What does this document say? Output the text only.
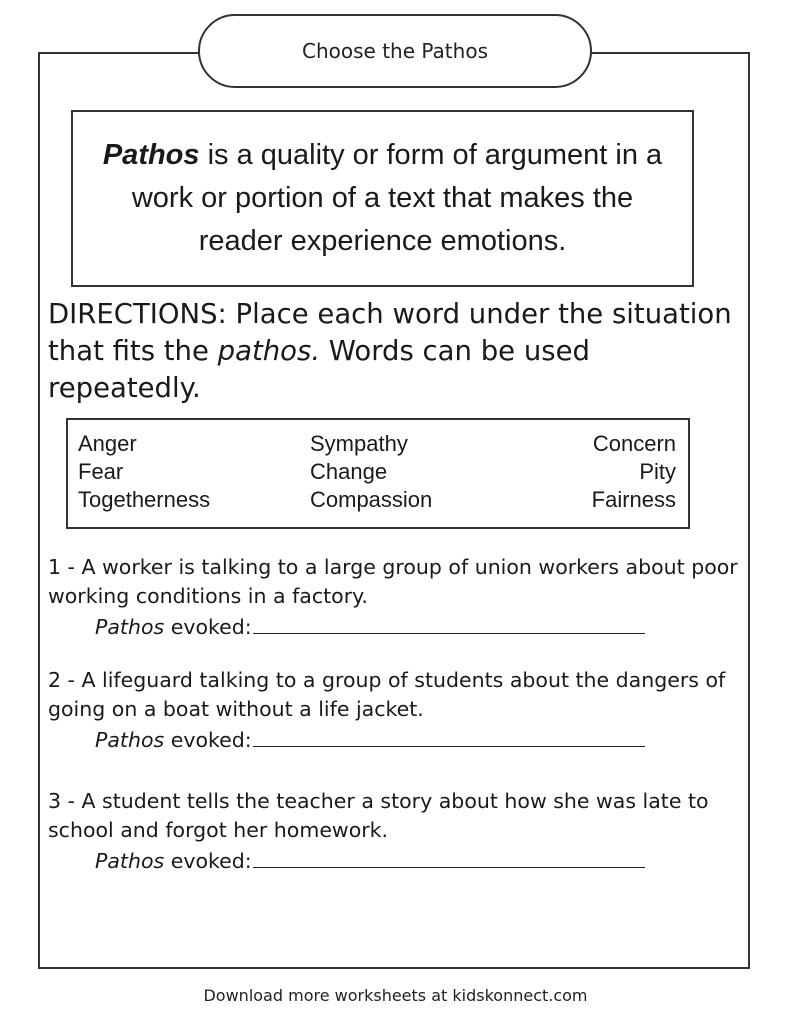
Choose the Pathos
Pathos is a quality or form of argument in a work or portion of a text that makes the reader experience emotions.

DIRECTIONS: Place each word under the situation that fits the pathos. Words can be used repeatedly.

Anger
Fear
Togetherness
Sympathy
Change
Compassion
Concern
Pity
Fairness

1 - A worker is talking to a large group of union workers about poor working conditions in a factory.

Pathos evoked:

2 - A lifeguard talking to a group of students about the dangers of going on a boat without a life jacket.

Pathos evoked:

3 - A student tells the teacher a story about how she was late to school and forgot her homework.

Pathos evoked:
Download more worksheets at kidskonnect.com
